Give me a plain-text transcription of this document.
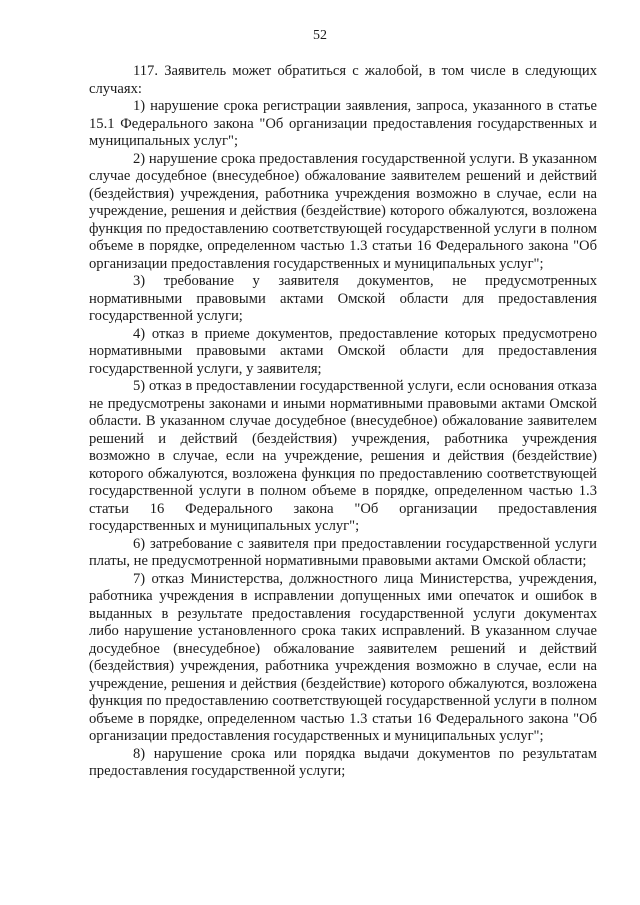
52

117. Заявитель может обратиться с жалобой, в том числе в следующих случаях:

1) нарушение срока регистрации заявления, запроса, указанного в статье 15.1 Федерального закона "Об организации предоставления государственных и муниципальных услуг";

2) нарушение срока предоставления государственной услуги. В указанном случае досудебное (внесудебное) обжалование заявителем решений и действий (бездействия) учреждения, работника учреждения возможно в случае, если на учреждение, решения и действия (бездействие) которого обжалуются, возложена функция по предоставлению соответствующей государственной услуги в полном объеме в порядке, определенном частью 1.3 статьи 16 Федерального закона "Об организации предоставления государственных и муниципальных услуг";

3) требование у заявителя документов, не предусмотренных нормативными правовыми актами Омской области для предоставления государственной услуги;

4) отказ в приеме документов, предоставление которых предусмотрено нормативными правовыми актами Омской области для предоставления государственной услуги, у заявителя;

5) отказ в предоставлении государственной услуги, если основания отказа не предусмотрены законами и иными нормативными правовыми актами Омской области. В указанном случае досудебное (внесудебное) обжалование заявителем решений и действий (бездействия) учреждения, работника учреждения возможно в случае, если на учреждение, решения и действия (бездействие) которого обжалуются, возложена функция по предоставлению соответствующей государственной услуги в полном объеме в порядке, определенном частью 1.3 статьи 16 Федерального закона "Об организации предоставления государственных и муниципальных услуг";

6) затребование с заявителя при предоставлении государственной услуги платы, не предусмотренной нормативными правовыми актами Омской области;

7) отказ Министерства, должностного лица Министерства, учреждения, работника учреждения в исправлении допущенных ими опечаток и ошибок в выданных в результате предоставления государственной услуги документах либо нарушение установленного срока таких исправлений. В указанном случае досудебное (внесудебное) обжалование заявителем решений и действий (бездействия) учреждения, работника учреждения возможно в случае, если на учреждение, решения и действия (бездействие) которого обжалуются, возложена функция по предоставлению соответствующей государственной услуги в полном объеме в порядке, определенном частью 1.3 статьи 16 Федерального закона "Об организации предоставления государственных и муниципальных услуг";

8) нарушение срока или порядка выдачи документов по результатам предоставления государственной услуги;
